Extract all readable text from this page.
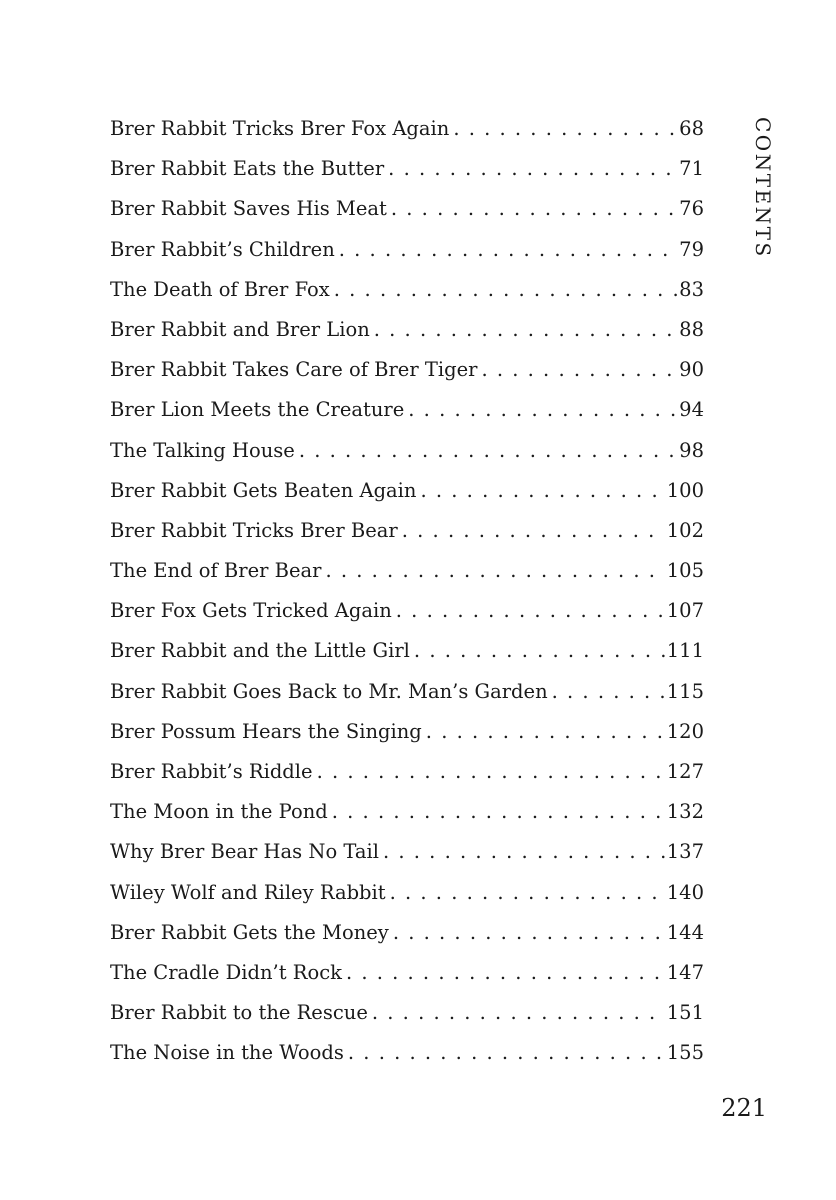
Brer Rabbit Tricks Brer Fox Again . . .	68
Brer Rabbit Eats the Butter . . .	71
Brer Rabbit Saves His Meat . . .	76
Brer Rabbit’s Children . . .	79
The Death of Brer Fox . . .	83
Brer Rabbit and Brer Lion . . .	88
Brer Rabbit Takes Care of Brer Tiger . . .	90
Brer Lion Meets the Creature . . .	94
The Talking House . . .	98
Brer Rabbit Gets Beaten Again . . .	100
Brer Rabbit Tricks Brer Bear . . .	102
The End of Brer Bear . . .	105
Brer Fox Gets Tricked Again . . .	107
Brer Rabbit and the Little Girl . . .	111
Brer Rabbit Goes Back to Mr. Man’s Garden . . .	115
Brer Possum Hears the Singing . . .	120
Brer Rabbit’s Riddle . . .	127
The Moon in the Pond . . .	132
Why Brer Bear Has No Tail . . .	137
Wiley Wolf and Riley Rabbit . . .	140
Brer Rabbit Gets the Money . . .	144
The Cradle Didn’t Rock . . .	147
Brer Rabbit to the Rescue . . .	151
The Noise in the Woods . . .	155
CONTENTS
221
